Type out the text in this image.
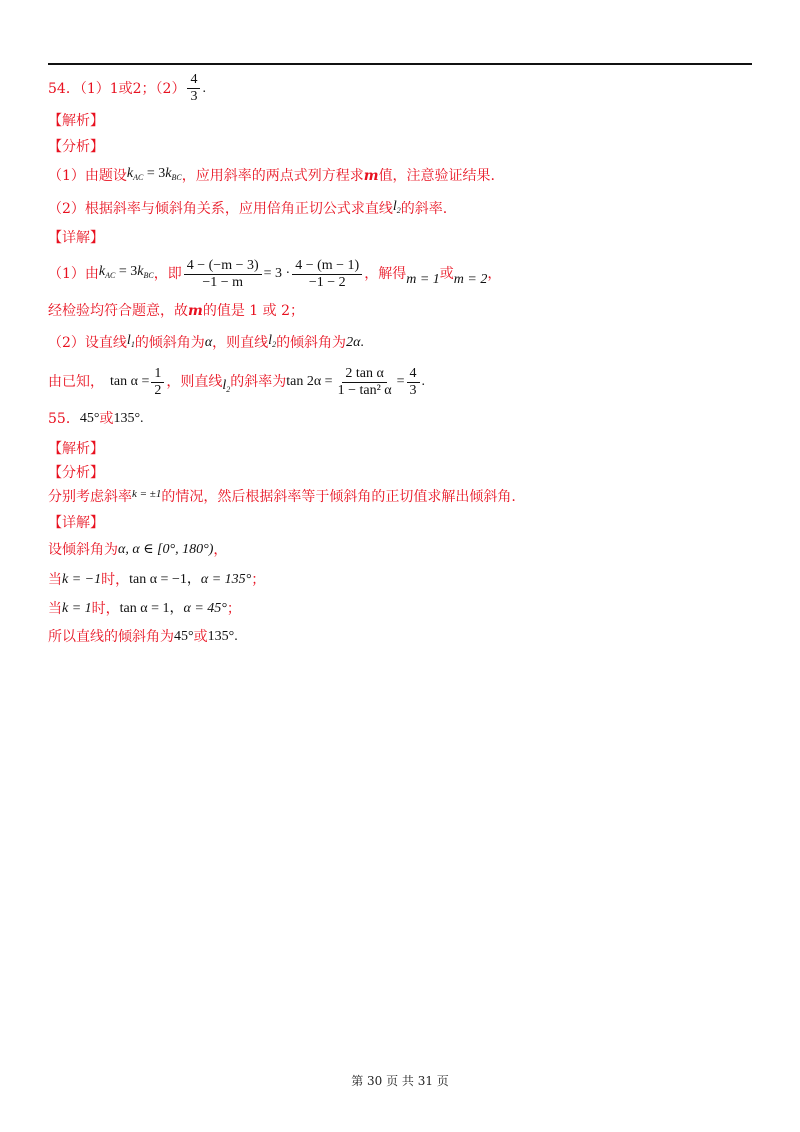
54．（1）1或2；$(2) \frac{4}{3}$ .
【解析】
【分析】
（1）由题设 $k_{AC} = 3k_{BC}$ ，应用斜率的两点式列方程求 m 值，注意验证结果.
（2）根据斜率与倾斜角关系，应用倍角正切公式求直线 $l_2$ 的斜率.
【详解】
（1）由 $k_{AC} = 3k_{BC}$ ，即 $\frac{4 - (-m - 3)}{-1 - m} = 3 \cdot \frac{4 - (m - 1)}{-1 - 2}$ ，解得 m = 1 或 m = 2 ，
经检验均符合题意，故 m 的值是 1 或 2；
（2）设直线 $l_1$ 的倾斜角为 α ，则直线 $l_2$ 的倾斜角为 2α .
由已知， $\tan \alpha = \frac{1}{2}$ ，则直线 $l_2$ 的斜率为 $\tan 2\alpha = \frac{\text{2 tan α}}{\text{1 − tan² α}} = \frac{4}{3}$ .
55． 45° 或 135° .
【解析】
【分析】
分别考虑斜率 k = ±1 的情况，然后根据斜率等于倾斜角的正切值求解出倾斜角.
【详解】
设倾斜角为 α, α ∈ [0°, 180°) ，
当 k = −1 时， tan α = −1 ， α = 135° ；
当 k = 1 时， tan α = 1 ， α = 45° ；
所以直线的倾斜角为 45° 或 135° .
第 30 页 共 31 页
